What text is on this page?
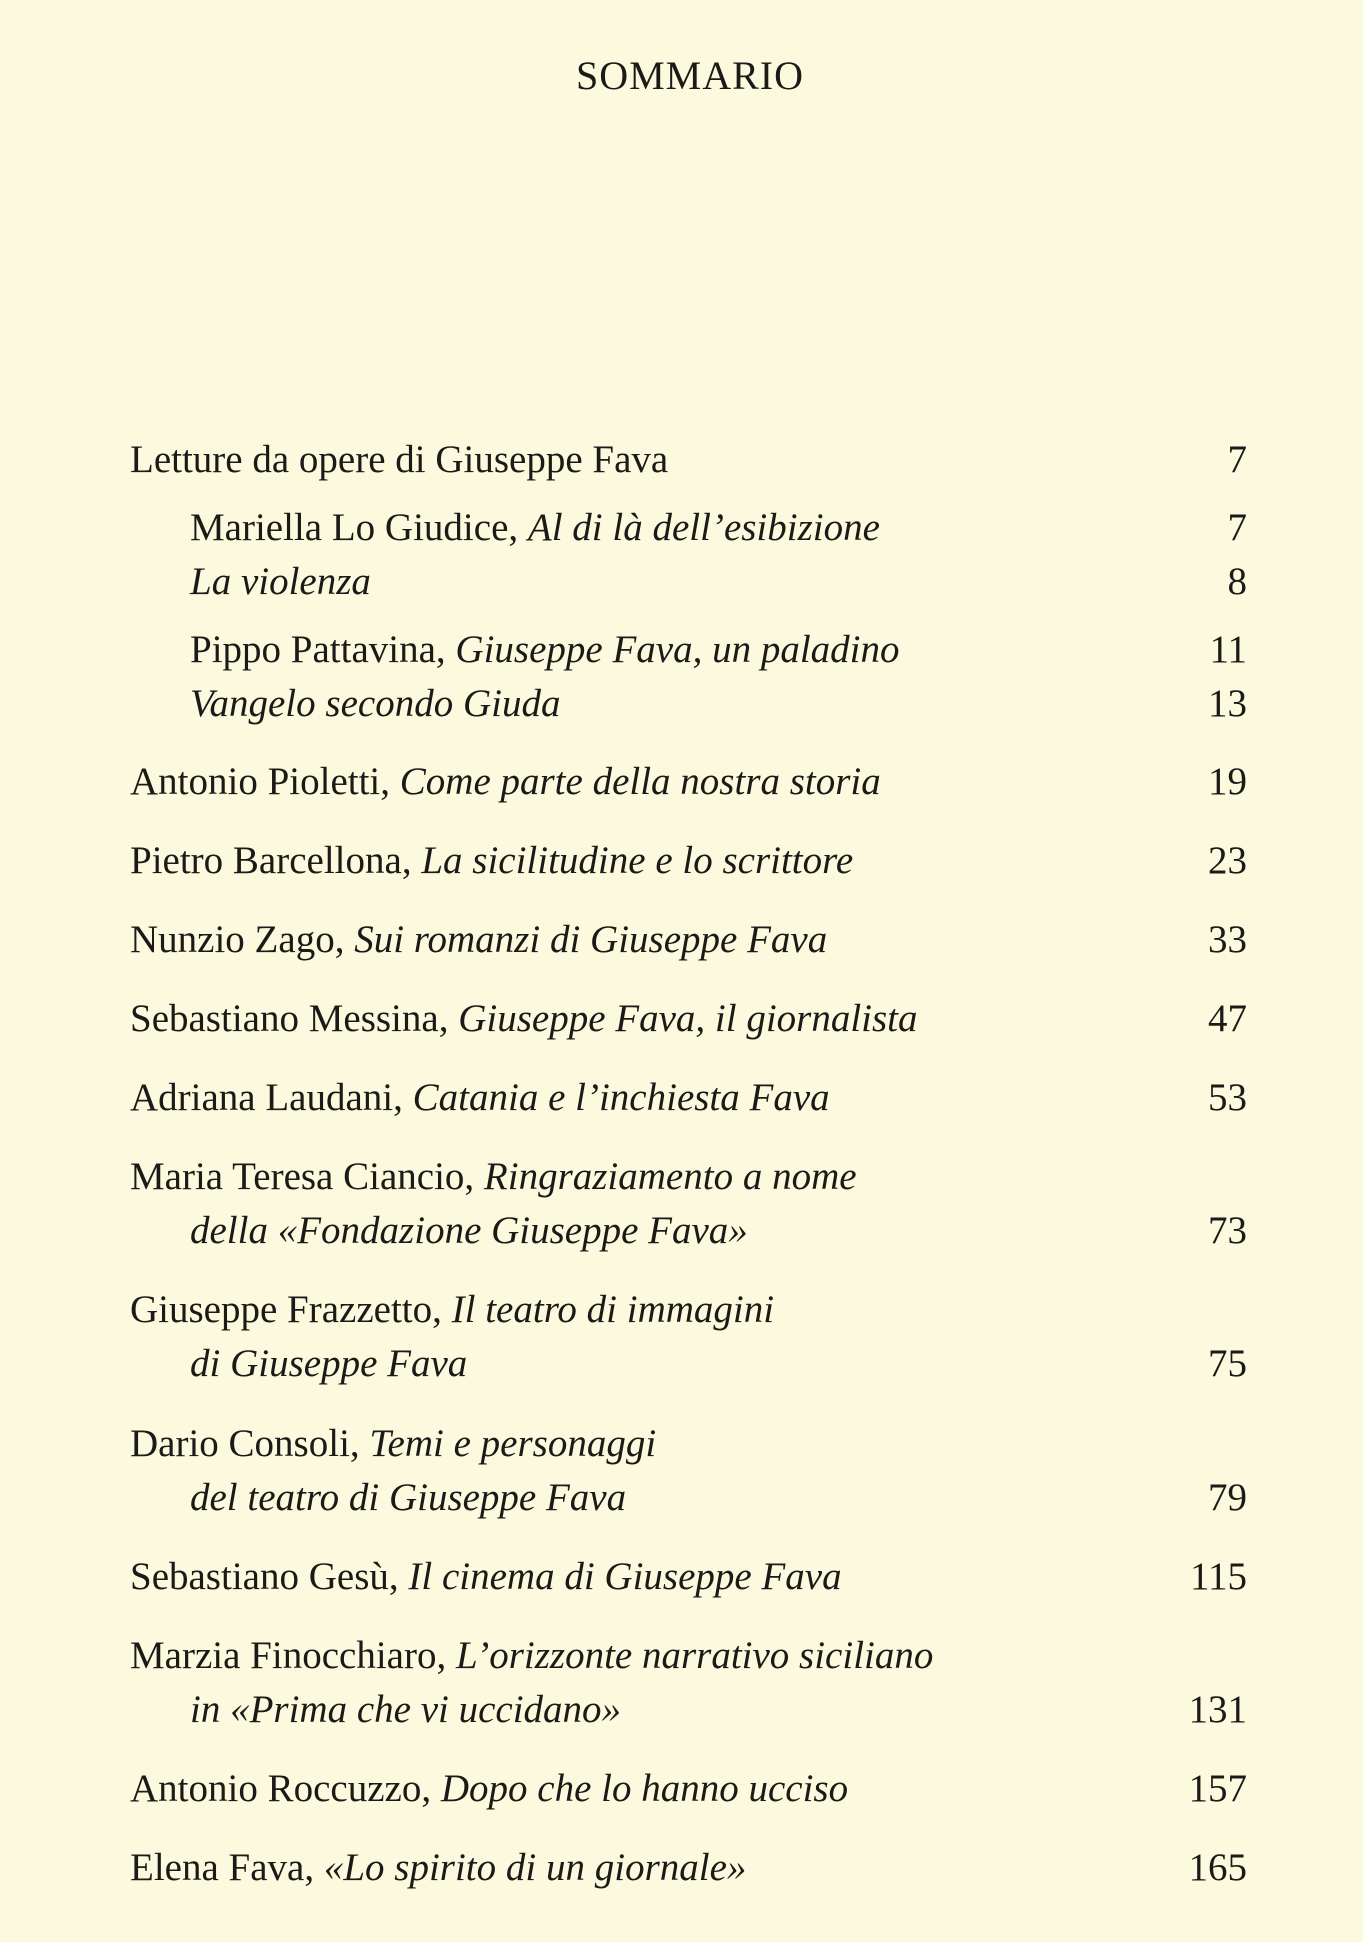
SOMMARIO
Letture da opere di Giuseppe Fava	7
Mariella Lo Giudice, Al di là dell’esibizione	7
La violenza	8
Pippo Pattavina, Giuseppe Fava, un paladino	11
Vangelo secondo Giuda	13
Antonio Pioletti, Come parte della nostra storia	19
Pietro Barcellona, La sicilitudine e lo scrittore	23
Nunzio Zago, Sui romanzi di Giuseppe Fava	33
Sebastiano Messina, Giuseppe Fava, il giornalista	47
Adriana Laudani, Catania e l’inchiesta Fava	53
Maria Teresa Ciancio, Ringraziamento a nome
della «Fondazione Giuseppe Fava»	73
Giuseppe Frazzetto, Il teatro di immagini
di Giuseppe Fava	75
Dario Consoli, Temi e personaggi
del teatro di Giuseppe Fava	79
Sebastiano Gesù, Il cinema di Giuseppe Fava	115
Marzia Finocchiaro, L’orizzonte narrativo siciliano
in «Prima che vi uccidano»	131
Antonio Roccuzzo, Dopo che lo hanno ucciso	157
Elena Fava, «Lo spirito di un giornale»	165
